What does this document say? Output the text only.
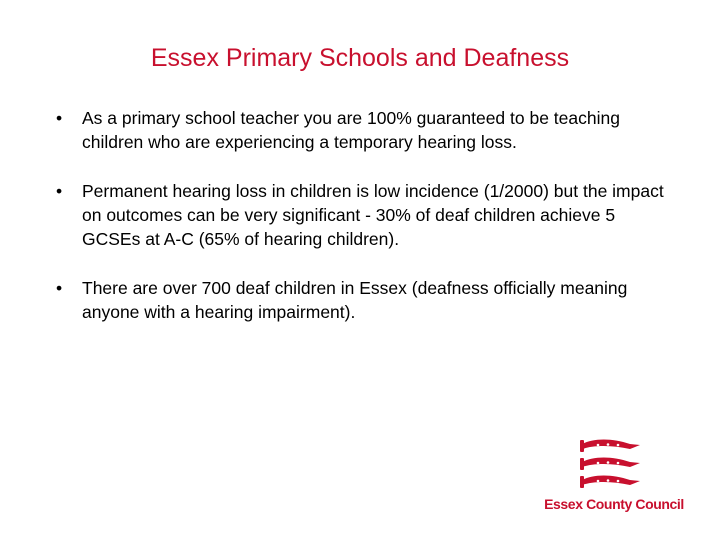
Essex Primary Schools and Deafness
• As a primary school teacher you are 100% guaranteed to be teaching children who are experiencing a temporary hearing loss.
• Permanent hearing loss in children is low incidence (1/2000) but the impact on outcomes can be very significant - 30% of deaf children achieve 5 GCSEs at A-C (65% of hearing children).
• There are over 700 deaf children in Essex (deafness officially meaning anyone with a hearing impairment).
Essex County Council
